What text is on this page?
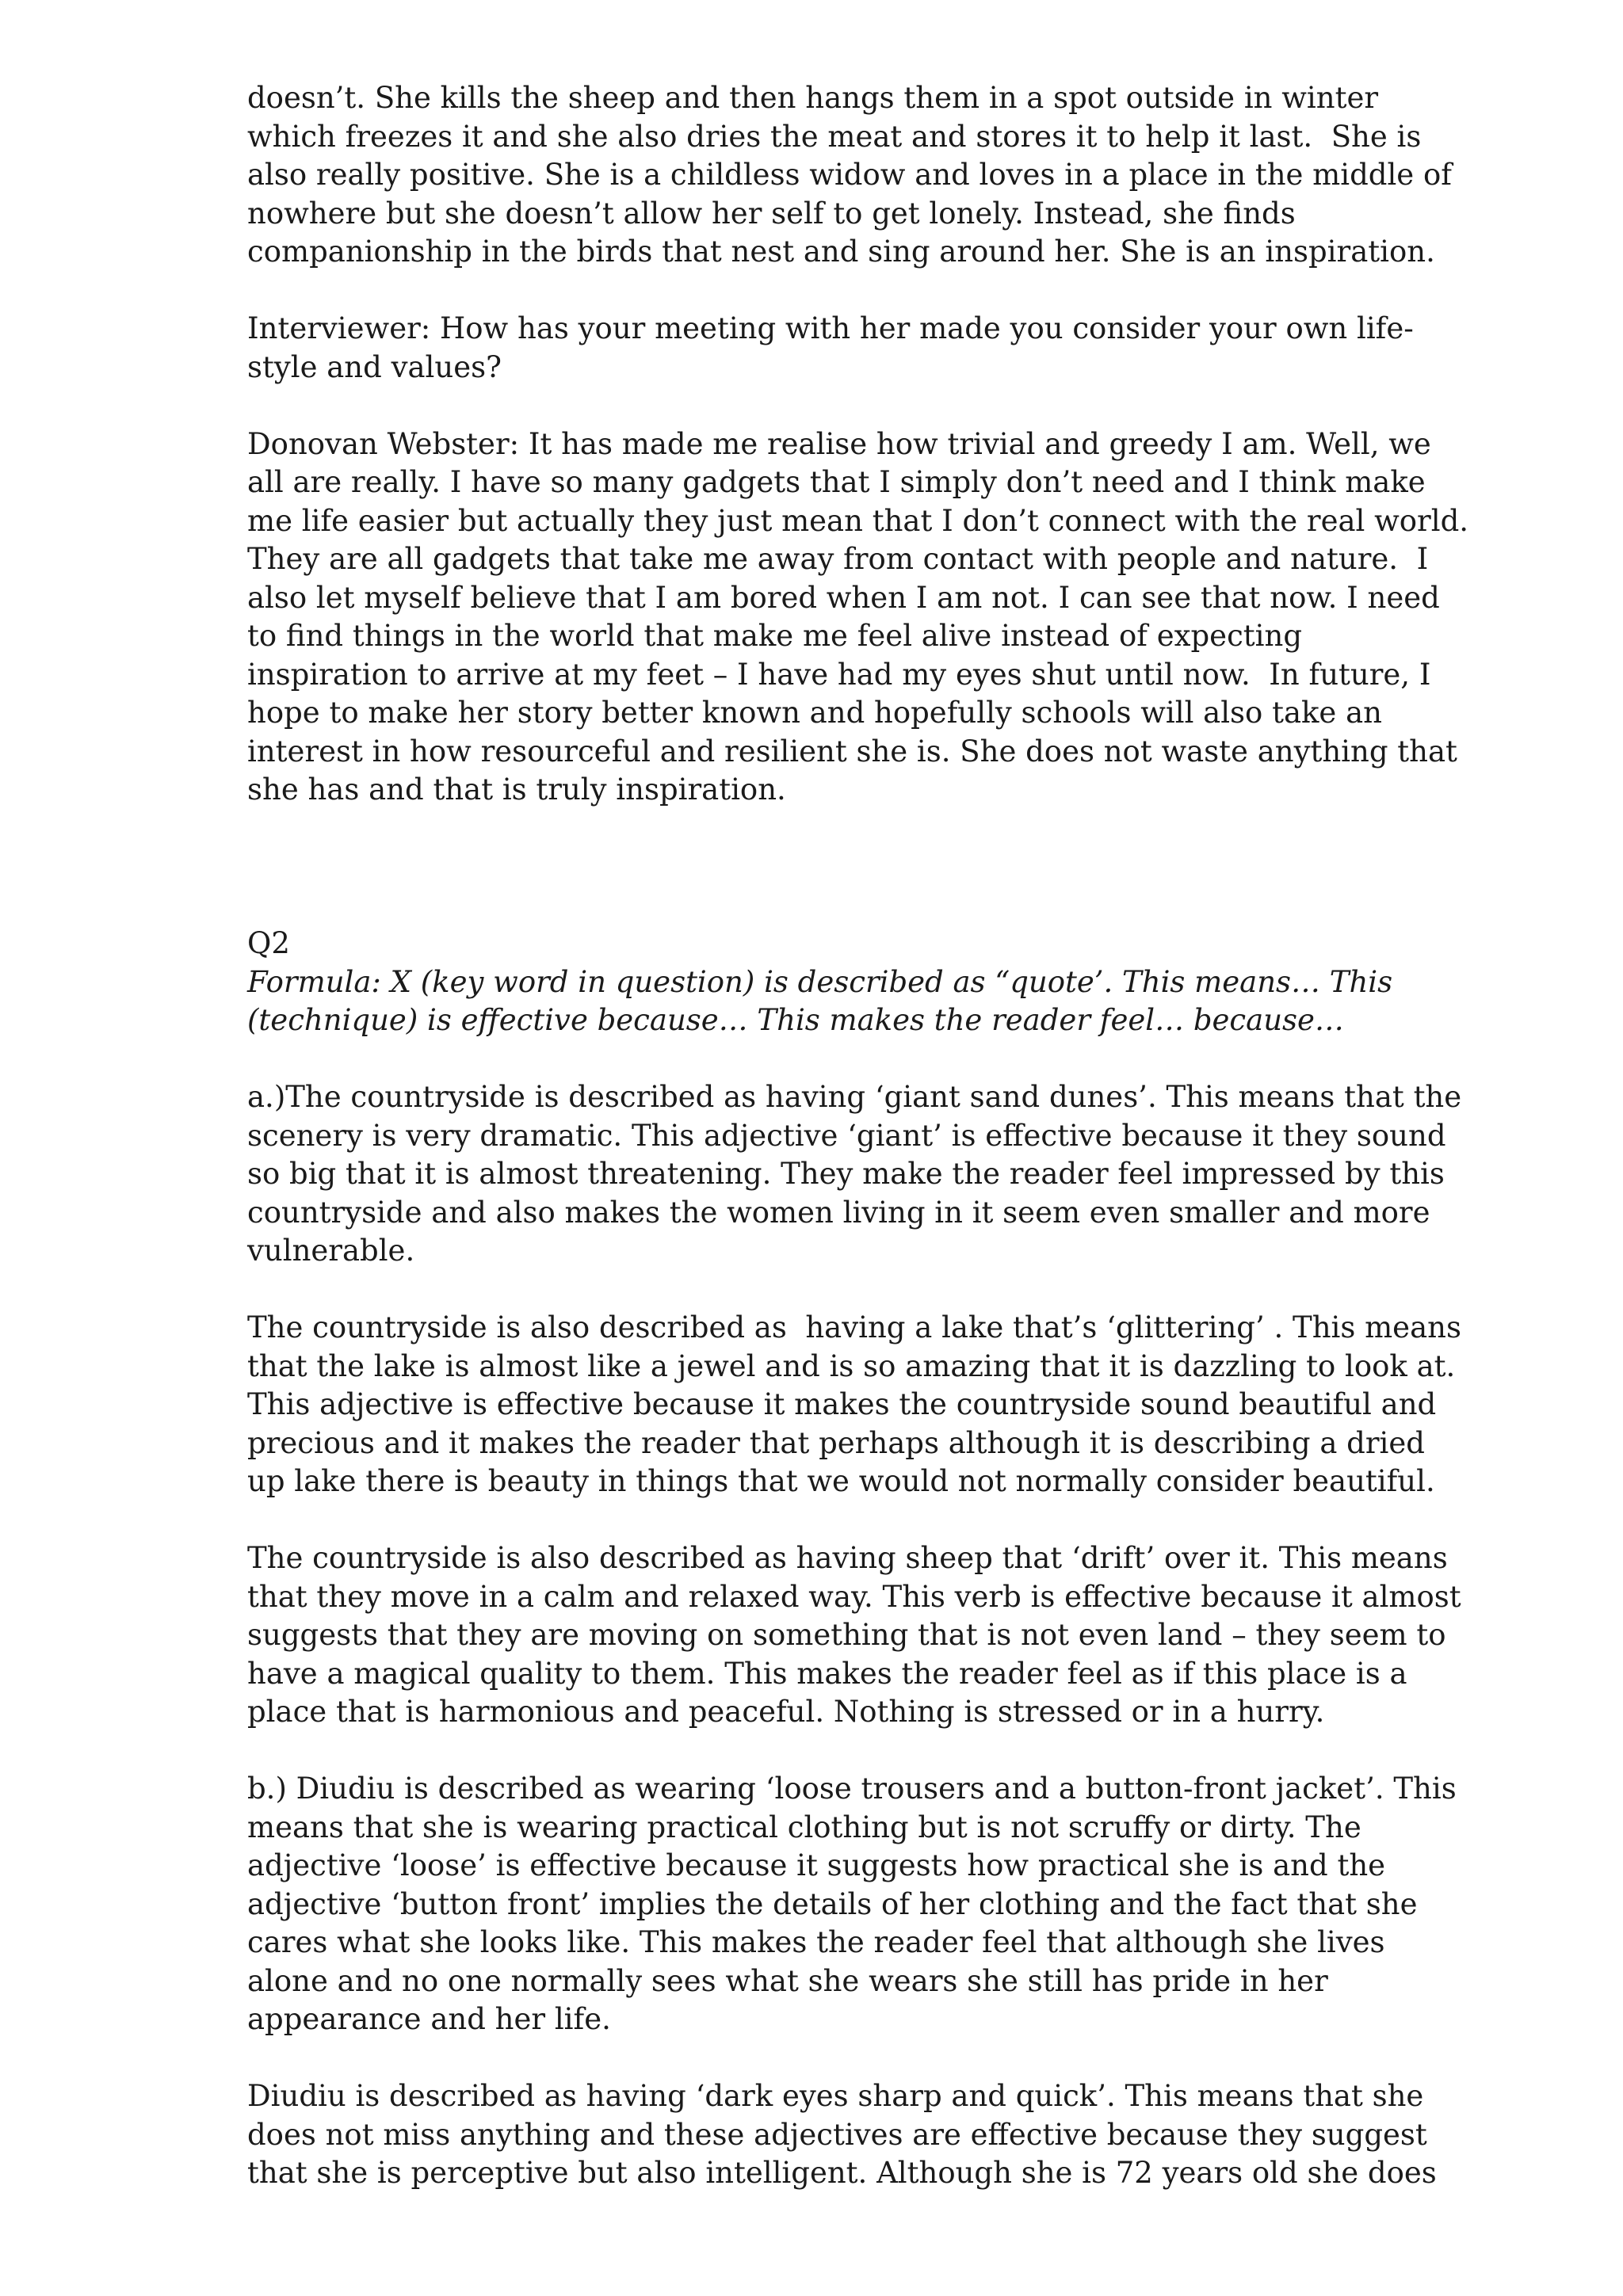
doesn’t. She kills the sheep and then hangs them in a spot outside in winter
which freezes it and she also dries the meat and stores it to help it last.  She is
also really positive. She is a childless widow and loves in a place in the middle of
nowhere but she doesn’t allow her self to get lonely. Instead, she finds
companionship in the birds that nest and sing around her. She is an inspiration.
Interviewer: How has your meeting with her made you consider your own life-
style and values?
Donovan Webster: It has made me realise how trivial and greedy I am. Well, we
all are really. I have so many gadgets that I simply don’t need and I think make
me life easier but actually they just mean that I don’t connect with the real world.
They are all gadgets that take me away from contact with people and nature.  I
also let myself believe that I am bored when I am not. I can see that now. I need
to find things in the world that make me feel alive instead of expecting
inspiration to arrive at my feet – I have had my eyes shut until now.  In future, I
hope to make her story better known and hopefully schools will also take an
interest in how resourceful and resilient she is. She does not waste anything that
she has and that is truly inspiration.
Q2
Formula: X (key word in question) is described as “quote’. This means… This
(technique) is effective because… This makes the reader feel… because…
a.)The countryside is described as having ‘giant sand dunes’. This means that the
scenery is very dramatic. This adjective ‘giant’ is effective because it they sound
so big that it is almost threatening. They make the reader feel impressed by this
countryside and also makes the women living in it seem even smaller and more
vulnerable.
The countryside is also described as  having a lake that’s ‘glittering’ . This means
that the lake is almost like a jewel and is so amazing that it is dazzling to look at.
This adjective is effective because it makes the countryside sound beautiful and
precious and it makes the reader that perhaps although it is describing a dried
up lake there is beauty in things that we would not normally consider beautiful.
The countryside is also described as having sheep that ‘drift’ over it. This means
that they move in a calm and relaxed way. This verb is effective because it almost
suggests that they are moving on something that is not even land – they seem to
have a magical quality to them. This makes the reader feel as if this place is a
place that is harmonious and peaceful. Nothing is stressed or in a hurry.
b.) Diudiu is described as wearing ‘loose trousers and a button-front jacket’. This
means that she is wearing practical clothing but is not scruffy or dirty. The
adjective ‘loose’ is effective because it suggests how practical she is and the
adjective ‘button front’ implies the details of her clothing and the fact that she
cares what she looks like. This makes the reader feel that although she lives
alone and no one normally sees what she wears she still has pride in her
appearance and her life.
Diudiu is described as having ‘dark eyes sharp and quick’. This means that she
does not miss anything and these adjectives are effective because they suggest
that she is perceptive but also intelligent. Although she is 72 years old she does
